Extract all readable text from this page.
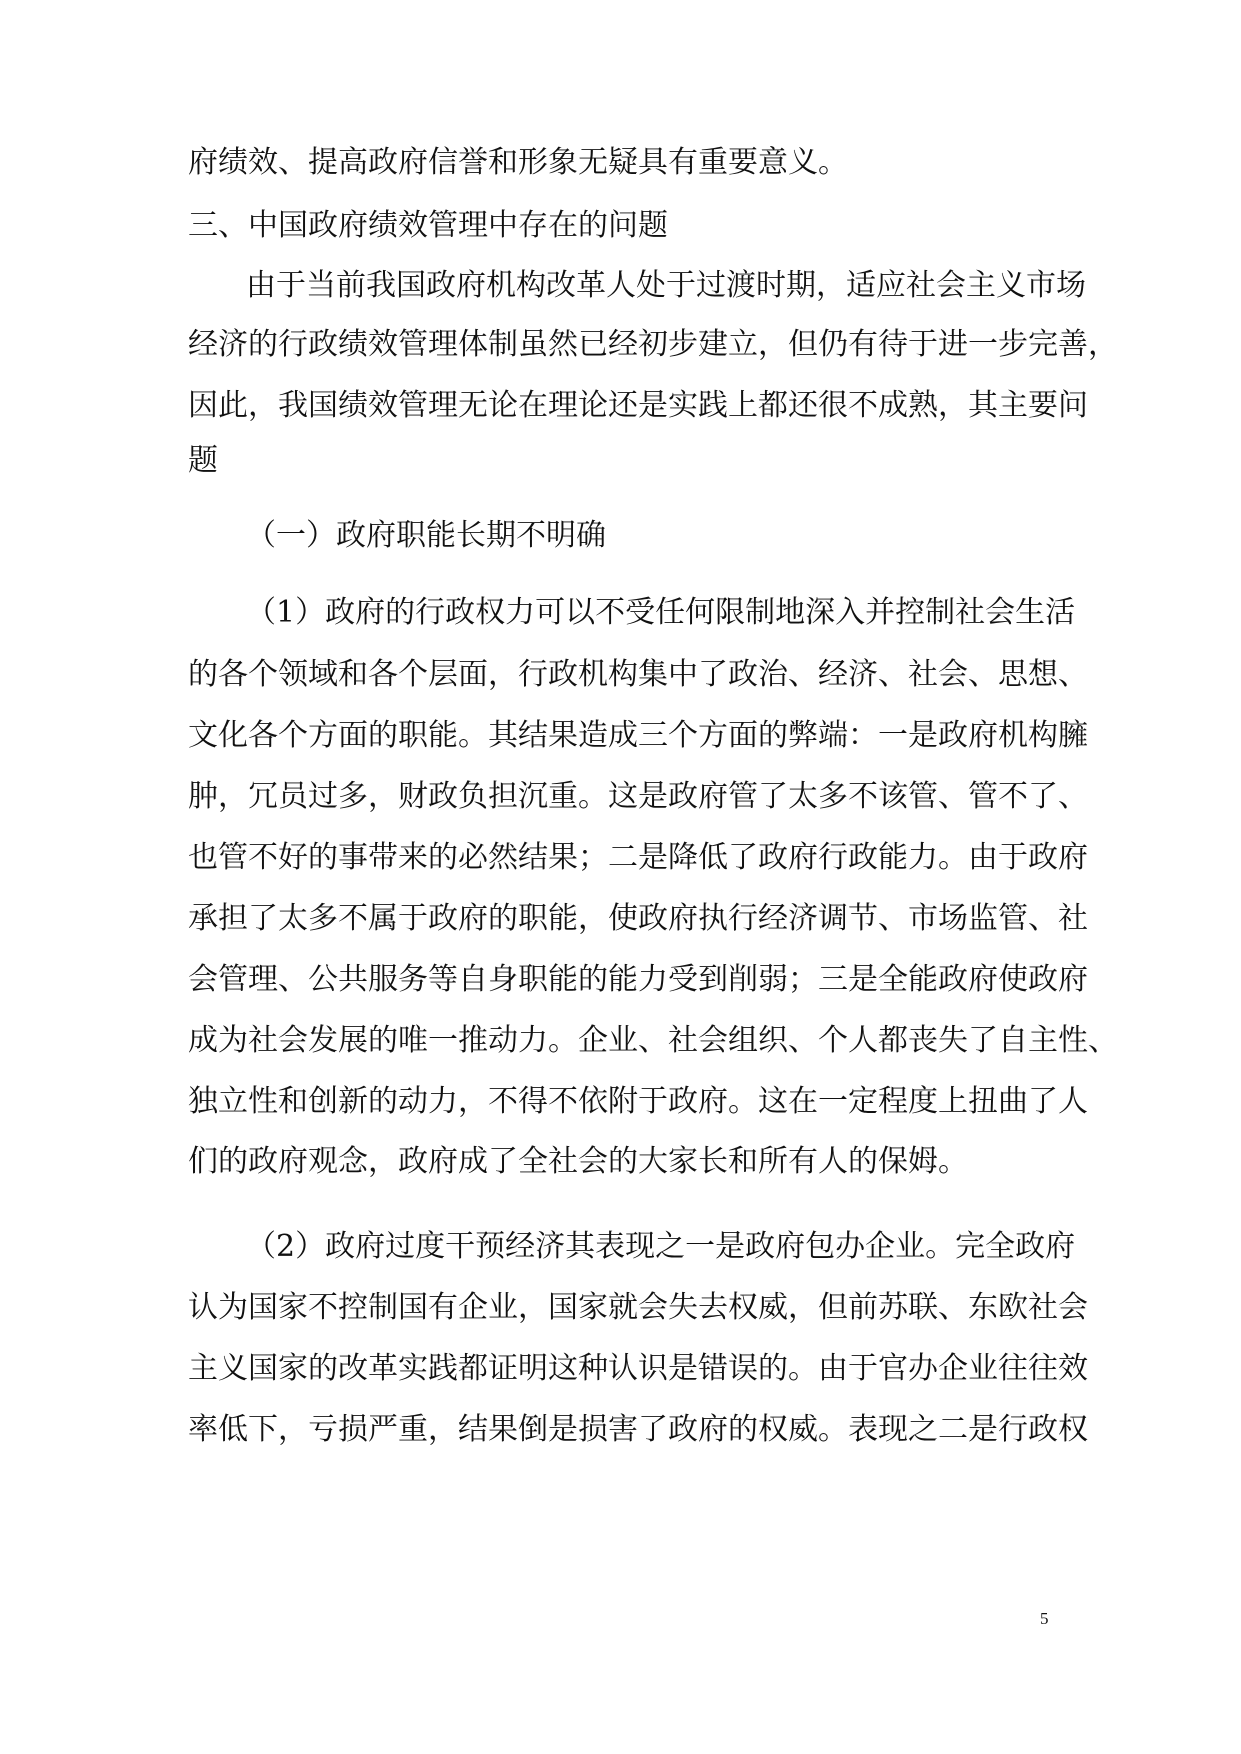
府绩效、提高政府信誉和形象无疑具有重要意义。
三、中国政府绩效管理中存在的问题
由于当前我国政府机构改革人处于过渡时期，适应社会主义市场
经济的行政绩效管理体制虽然已经初步建立，但仍有待于进一步完善，
因此，我国绩效管理无论在理论还是实践上都还很不成熟，其主要问
题
（一）政府职能长期不明确
（1）政府的行政权力可以不受任何限制地深入并控制社会生活
的各个领域和各个层面，行政机构集中了政治、经济、社会、思想、
文化各个方面的职能。其结果造成三个方面的弊端：一是政府机构臃
肿，冗员过多，财政负担沉重。这是政府管了太多不该管、管不了、
也管不好的事带来的必然结果；二是降低了政府行政能力。由于政府
承担了太多不属于政府的职能，使政府执行经济调节、市场监管、社
会管理、公共服务等自身职能的能力受到削弱；三是全能政府使政府
成为社会发展的唯一推动力。企业、社会组织、个人都丧失了自主性、
独立性和创新的动力，不得不依附于政府。这在一定程度上扭曲了人
们的政府观念，政府成了全社会的大家长和所有人的保姆。
（2）政府过度干预经济其表现之一是政府包办企业。完全政府
认为国家不控制国有企业，国家就会失去权威，但前苏联、东欧社会
主义国家的改革实践都证明这种认识是错误的。由于官办企业往往效
率低下，亏损严重，结果倒是损害了政府的权威。表现之二是行政权
5
